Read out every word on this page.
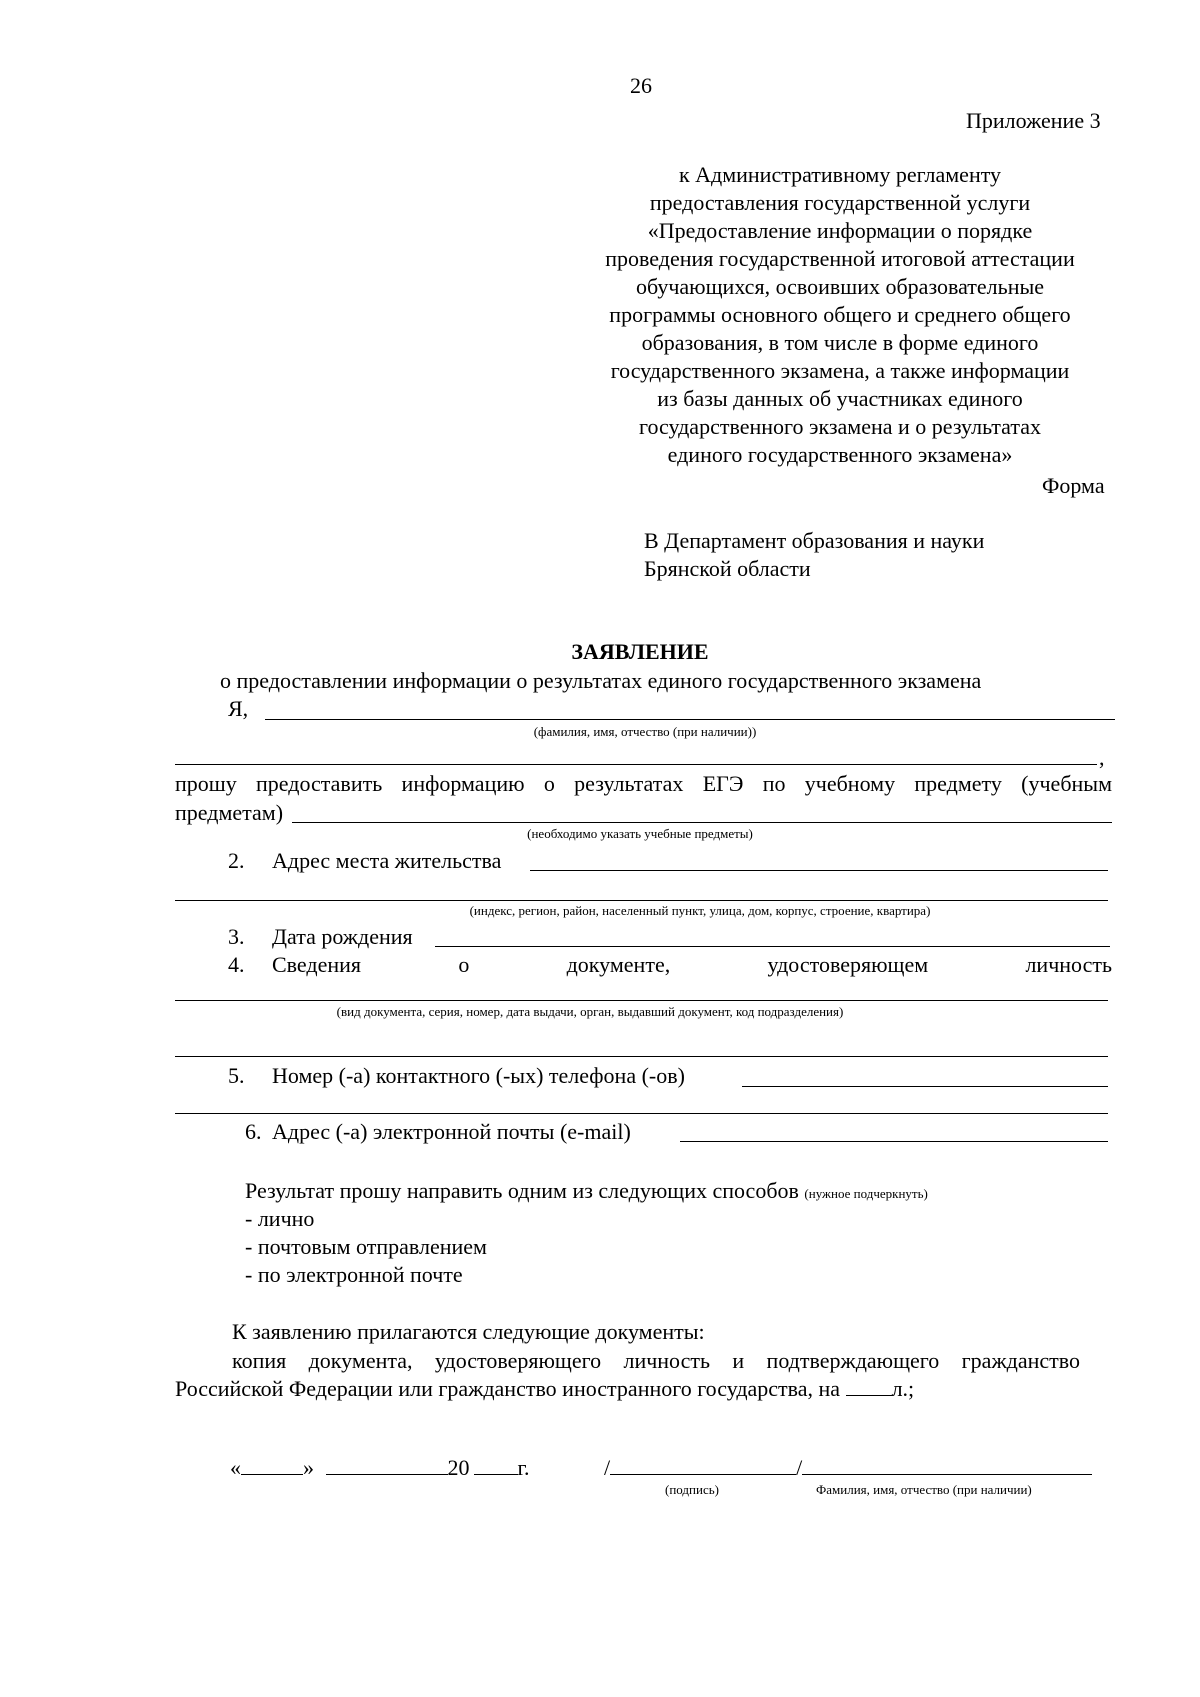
26
Приложение 3
к Административному регламенту
предоставления государственной услуги
«Предоставление информации о порядке
проведения государственной итоговой аттестации
обучающихся, освоивших образовательные
программы основного общего и среднего общего
образования, в том числе в форме единого
государственного экзамена, а также информации
из базы данных об участниках единого
государственного экзамена и о результатах
единого государственного экзамена»
Форма
В Департамент образования и науки
Брянской области
ЗАЯВЛЕНИЕ
о предоставлении информации о результатах единого государственного экзамена
Я,
(фамилия, имя, отчество (при наличии))
,
прошу предоставить информацию о результатах ЕГЭ по учебному предмету (учебным
предметам)
(необходимо указать учебные предметы)
2. Адрес места жительства
(индекс, регион, район, населенный пункт, улица, дом, корпус, строение, квартира)
3. Дата рождения
4. Сведения	о	документе,	удостоверяющем	личность
(вид документа, серия, номер, дата выдачи, орган, выдавший документ, код подразделения)
5. Номер (-а) контактного (-ых) телефона (-ов)
6. Адрес (-а) электронной почты (e-mail)
Результат прошу направить одним из следующих способов (нужное подчеркнуть)
- лично
- почтовым отправлением
- по электронной почте
К заявлению прилагаются следующие документы:
копия документа, удостоверяющего личность и подтверждающего гражданство
Российской Федерации или гражданство иностранного государства, на л.;
«	»	20 г.	/	/
(подпись)	Фамилия, имя, отчество (при наличии)
